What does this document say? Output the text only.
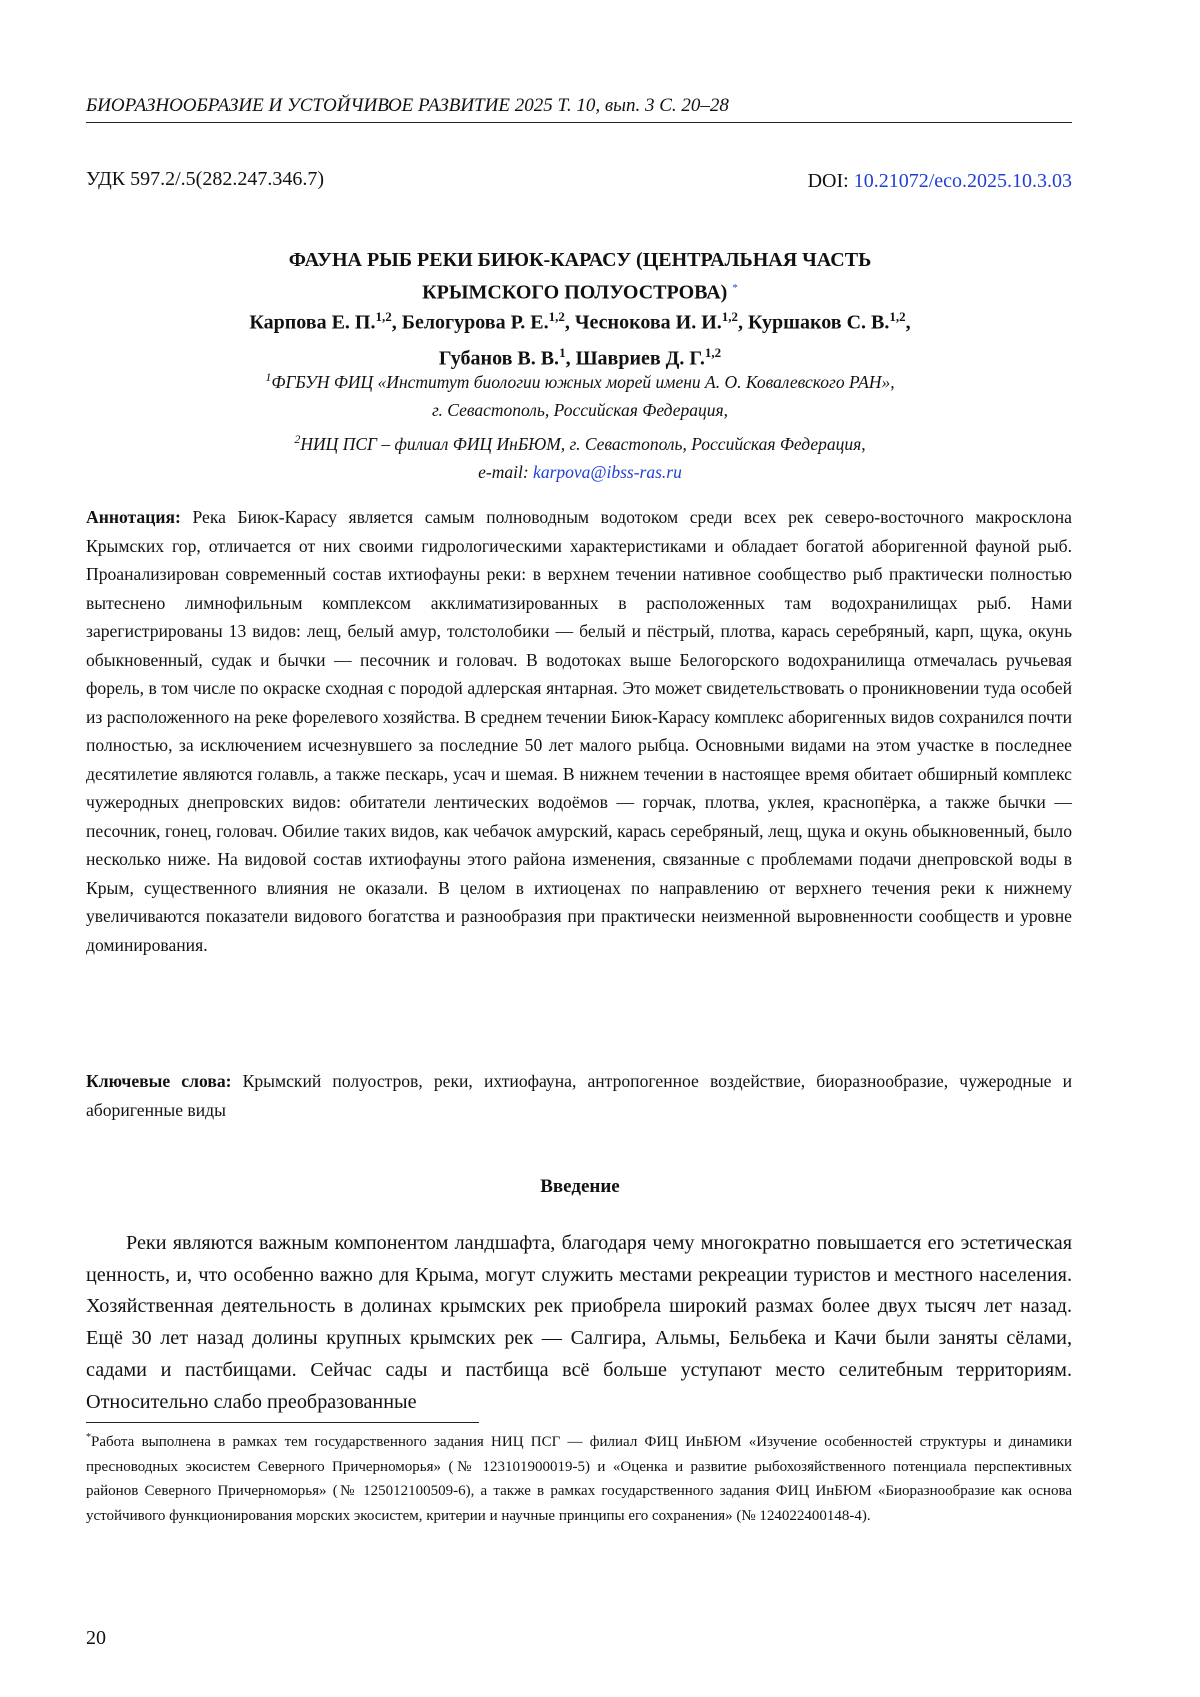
БИОРАЗНООБРАЗИЕ И УСТОЙЧИВОЕ РАЗВИТИЕ 2025 Т. 10, вып. 3 С. 20–28
УДК 597.2/.5(282.247.346.7)	DOI: 10.21072/eco.2025.10.3.03
ФАУНА РЫБ РЕКИ БИЮК-КАРАСУ (ЦЕНТРАЛЬНАЯ ЧАСТЬ
КРЫМСКОГО ПОЛУОСТРОВА) *
Карпова Е. П.$^{1,2}$, Белогурова Р. Е.$^{1,2}$, Чеснокова И. И.$^{1,2}$, Куршаков С. В.$^{1,2}$,
Губанов В. В.$^1$, Шавриев Д. Г.$^{1,2}$
$^1$ФГБУН ФИЦ «Институт биологии южных морей имени А. О. Ковалевского РАН»,
г. Севастополь, Российская Федерация,
$^2$НИЦ ПСГ – филиал ФИЦ ИнБЮМ, г. Севастополь, Российская Федерация,
e-mail: karpova@ibss-ras.ru
Аннотация: Река Биюк-Карасу является самым полноводным водотоком среди всех рек северо-восточного макросклона Крымских гор, отличается от них своими гидрологическими характеристиками и обладает богатой аборигенной фауной рыб. Проанализирован современный состав ихтиофауны реки: в верхнем течении нативное сообщество рыб практически полностью вытеснено лимнофильным комплексом акклиматизированных в расположенных там водохранилищах рыб. Нами зарегистрированы 13 видов: лещ, белый амур, толстолобики — белый и пёстрый, плотва, карась серебряный, карп, щука, окунь обыкновенный, судак и бычки — песочник и головач. В водотоках выше Белогорского водохранилища отмечалась ручьевая форель, в том числе по окраске сходная с породой адлерская янтарная. Это может свидетельствовать о проникновении туда особей из расположенного на реке форелевого хозяйства. В среднем течении Биюк-Карасу комплекс аборигенных видов сохранился почти полностью, за исключением исчезнувшего за последние 50 лет малого рыбца. Основными видами на этом участке в последнее десятилетие являются голавль, а также пескарь, усач и шемая. В нижнем течении в настоящее время обитает обширный комплекс чужеродных днепровских видов: обитатели лентических водоёмов — горчак, плотва, уклея, краснопёрка, а также бычки — песочник, гонец, головач. Обилие таких видов, как чебачок амурский, карась серебряный, лещ, щука и окунь обыкновенный, было несколько ниже. На видовой состав ихтиофауны этого района изменения, связанные с проблемами подачи днепровской воды в Крым, существенного влияния не оказали. В целом в ихтиоценах по направлению от верхнего течения реки к нижнему увеличиваются показатели видового богатства и разнообразия при практически неизменной выровненности сообществ и уровне доминирования.
Ключевые слова: Крымский полуостров, реки, ихтиофауна, антропогенное воздействие, биоразнообразие, чужеродные и аборигенные виды
Введение
Реки являются важным компонентом ландшафта, благодаря чему многократно повышается его эстетическая ценность, и, что особенно важно для Крыма, могут служить местами рекреации туристов и местного населения. Хозяйственная деятельность в долинах крымских рек приобрела широкий размах более двух тысяч лет назад. Ещё 30 лет назад долины крупных крымских рек — Салгира, Альмы, Бельбека и Качи были заняты сёлами, садами и пастбищами. Сейчас сады и пастбища всё больше уступают место селитебным территориям. Относительно слабо преобразованные
*Работа выполнена в рамках тем государственного задания НИЦ ПСГ — филиал ФИЦ ИнБЮМ «Изучение особенностей структуры и динамики пресноводных экосистем Северного Причерноморья» (№ 123101900019-5) и «Оценка и развитие рыбохозяйственного потенциала перспективных районов Северного Причерноморья» (№ 125012100509-6), а также в рамках государственного задания ФИЦ ИнБЮМ «Биоразнообразие как основа устойчивого функционирования морских экосистем, критерии и научные принципы его сохранения» (№ 124022400148-4).
20
